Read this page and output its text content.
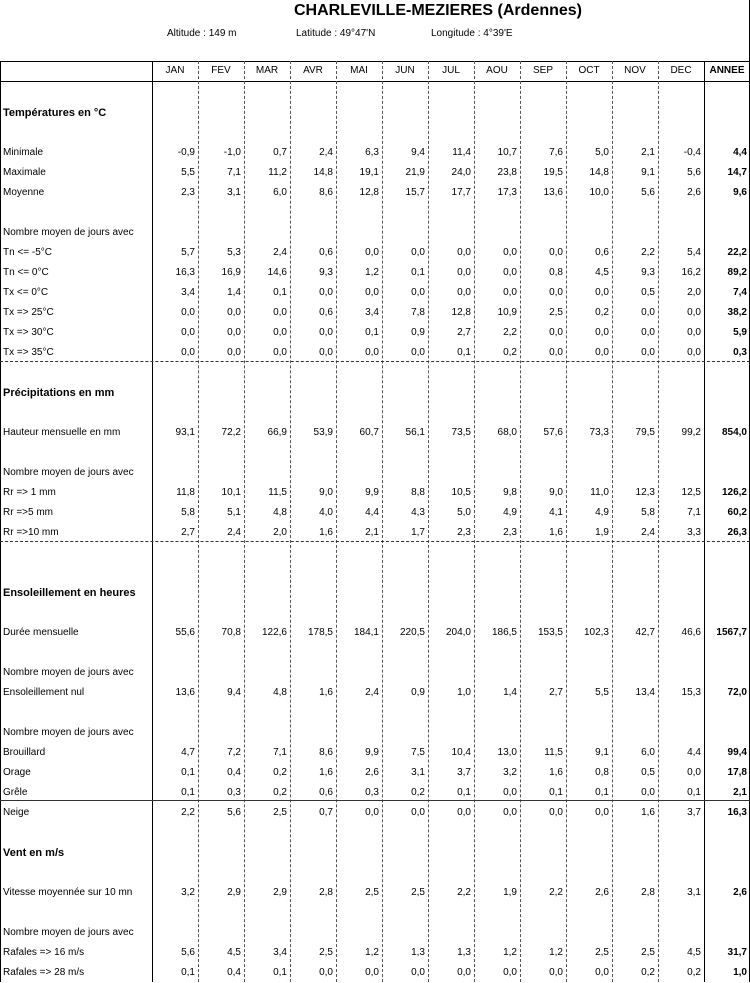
CHARLEVILLE-MEZIERES (Ardennes)
Altitude : 149 m	Latitude : 49°47'N	Longitude : 4°39'E
JAN	FEV	MAR	AVR	MAI	JUN	JUL	AOU	SEP	OCT	NOV	DEC	ANNEE
Températures en °C
Minimale	-0,9	-1,0	0,7	2,4	6,3	9,4	11,4	10,7	7,6	5,0	2,1	-0,4	4,4
Maximale	5,5	7,1	11,2	14,8	19,1	21,9	24,0	23,8	19,5	14,8	9,1	5,6	14,7
Moyenne	2,3	3,1	6,0	8,6	12,8	15,7	17,7	17,3	13,6	10,0	5,6	2,6	9,6
Nombre moyen de jours avec
Tn <= -5°C	5,7	5,3	2,4	0,6	0,0	0,0	0,0	0,0	0,0	0,6	2,2	5,4	22,2
Tn <= 0°C	16,3	16,9	14,6	9,3	1,2	0,1	0,0	0,0	0,8	4,5	9,3	16,2	89,2
Tx <= 0°C	3,4	1,4	0,1	0,0	0,0	0,0	0,0	0,0	0,0	0,0	0,5	2,0	7,4
Tx => 25°C	0,0	0,0	0,0	0,6	3,4	7,8	12,8	10,9	2,5	0,2	0,0	0,0	38,2
Tx => 30°C	0,0	0,0	0,0	0,0	0,1	0,9	2,7	2,2	0,0	0,0	0,0	0,0	5,9
Tx => 35°C	0,0	0,0	0,0	0,0	0,0	0,0	0,1	0,2	0,0	0,0	0,0	0,0	0,3
Précipitations en mm
Hauteur mensuelle en mm	93,1	72,2	66,9	53,9	60,7	56,1	73,5	68,0	57,6	73,3	79,5	99,2	854,0
Nombre moyen de jours avec
Rr => 1 mm	11,8	10,1	11,5	9,0	9,9	8,8	10,5	9,8	9,0	11,0	12,3	12,5	126,2
Rr =>5 mm	5,8	5,1	4,8	4,0	4,4	4,3	5,0	4,9	4,1	4,9	5,8	7,1	60,2
Rr =>10 mm	2,7	2,4	2,0	1,6	2,1	1,7	2,3	2,3	1,6	1,9	2,4	3,3	26,3
Ensoleillement en heures
Durée mensuelle	55,6	70,8	122,6	178,5	184,1	220,5	204,0	186,5	153,5	102,3	42,7	46,6	1567,7
Nombre moyen de jours avec
Ensoleillement nul	13,6	9,4	4,8	1,6	2,4	0,9	1,0	1,4	2,7	5,5	13,4	15,3	72,0
Nombre moyen de jours avec
Brouillard	4,7	7,2	7,1	8,6	9,9	7,5	10,4	13,0	11,5	9,1	6,0	4,4	99,4
Orage	0,1	0,4	0,2	1,6	2,6	3,1	3,7	3,2	1,6	0,8	0,5	0,0	17,8
Grêle	0,1	0,3	0,2	0,6	0,3	0,2	0,1	0,0	0,1	0,1	0,0	0,1	2,1
Neige	2,2	5,6	2,5	0,7	0,0	0,0	0,0	0,0	0,0	0,0	1,6	3,7	16,3
Vent en m/s
Vitesse moyennée sur 10 mn	3,2	2,9	2,9	2,8	2,5	2,5	2,2	1,9	2,2	2,6	2,8	3,1	2,6
Nombre moyen de jours avec
Rafales => 16 m/s	5,6	4,5	3,4	2,5	1,2	1,3	1,3	1,2	1,2	2,5	2,5	4,5	31,7
Rafales => 28 m/s	0,1	0,4	0,1	0,0	0,0	0,0	0,0	0,0	0,0	0,0	0,2	0,2	1,0
